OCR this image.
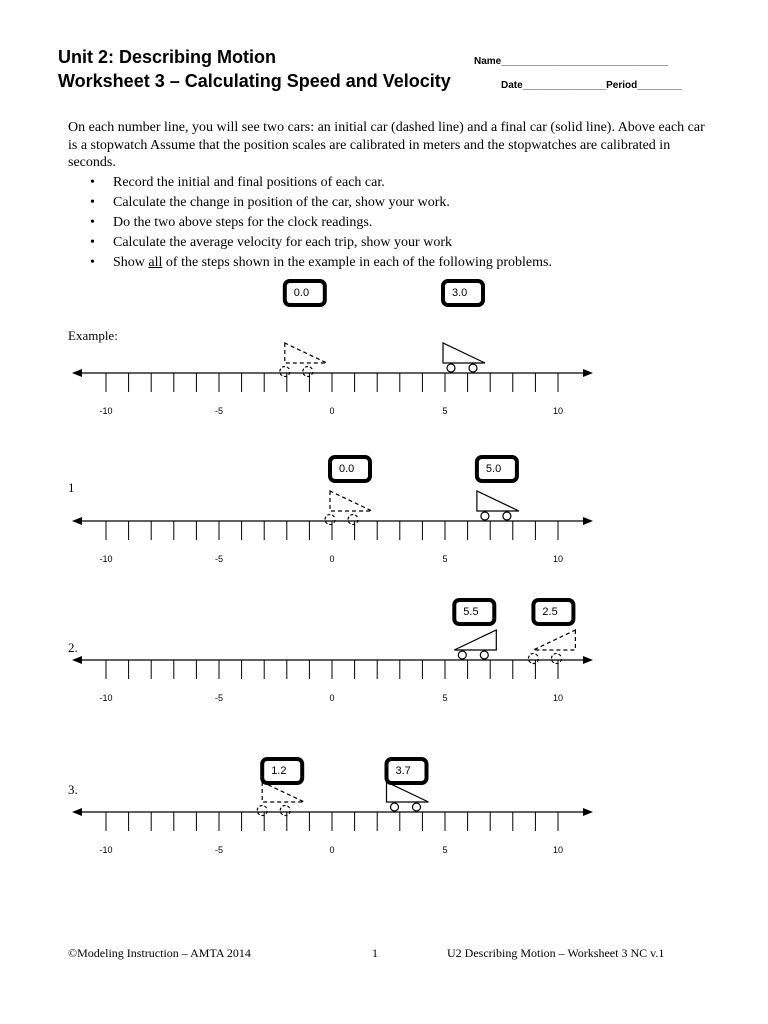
Unit 2: Describing Motion
Worksheet 3 – Calculating Speed and Velocity
Name______________________________
Date_______________Period________
On each number line, you will see two cars: an initial car (dashed line) and a final car (solid line). Above each car is a stopwatch Assume that the position scales are calibrated in meters and the stopwatches are calibrated in seconds.
• Record the initial and final positions of each car.
• Calculate the change in position of the car, show your work.
• Do the two above steps for the clock readings.
• Calculate the average velocity for each trip, show your work
• Show all of the steps shown in the example in each of the following problems.
Example:
1
2.
3.
-10	-5	0	5	10
0.0	3.0
-10	-5	0	5	10
0.0	5.0
-10	-5	0	5	10
2.5
5.5
-10	-5	0	5	10
1.2	3.7
©Modeling Instruction – AMTA 2014	1	U2 Describing Motion – Worksheet 3 NC v.1
